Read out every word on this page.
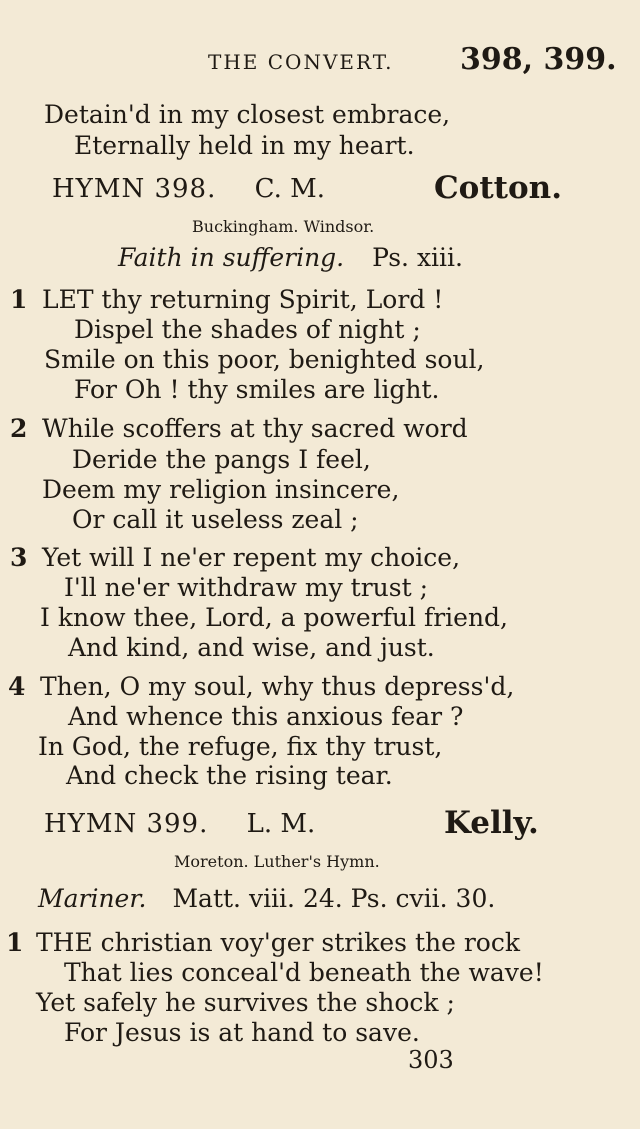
THE CONVERT. 398, 399.
Detain'd in my closest embrace,
Eternally held in my heart.
HYMN 398. C. M.	Cotton.
Buckingham. Windsor.
Faith in suffering. Ps. xiii.
1 LET thy returning Spirit, Lord !
Dispel the shades of night ;
Smile on this poor, benighted soul,
For Oh ! thy smiles are light.
2 While scoffers at thy sacred word
Deride the pangs I feel,
Deem my religion insincere,
Or call it useless zeal ;
3 Yet will I ne'er repent my choice,
I'll ne'er withdraw my trust ;
I know thee, Lord, a powerful friend,
And kind, and wise, and just.
4 Then, O my soul, why thus depress'd,
And whence this anxious fear ?
In God, the refuge, fix thy trust,
And check the rising tear.
HYMN 399. L. M.	Kelly.
Moreton. Luther's Hymn.
Mariner. Matt. viii. 24. Ps. cvii. 30.
1 THE christian voy'ger strikes the rock
That lies conceal'd beneath the wave!
Yet safely he survives the shock ;
For Jesus is at hand to save.
303
